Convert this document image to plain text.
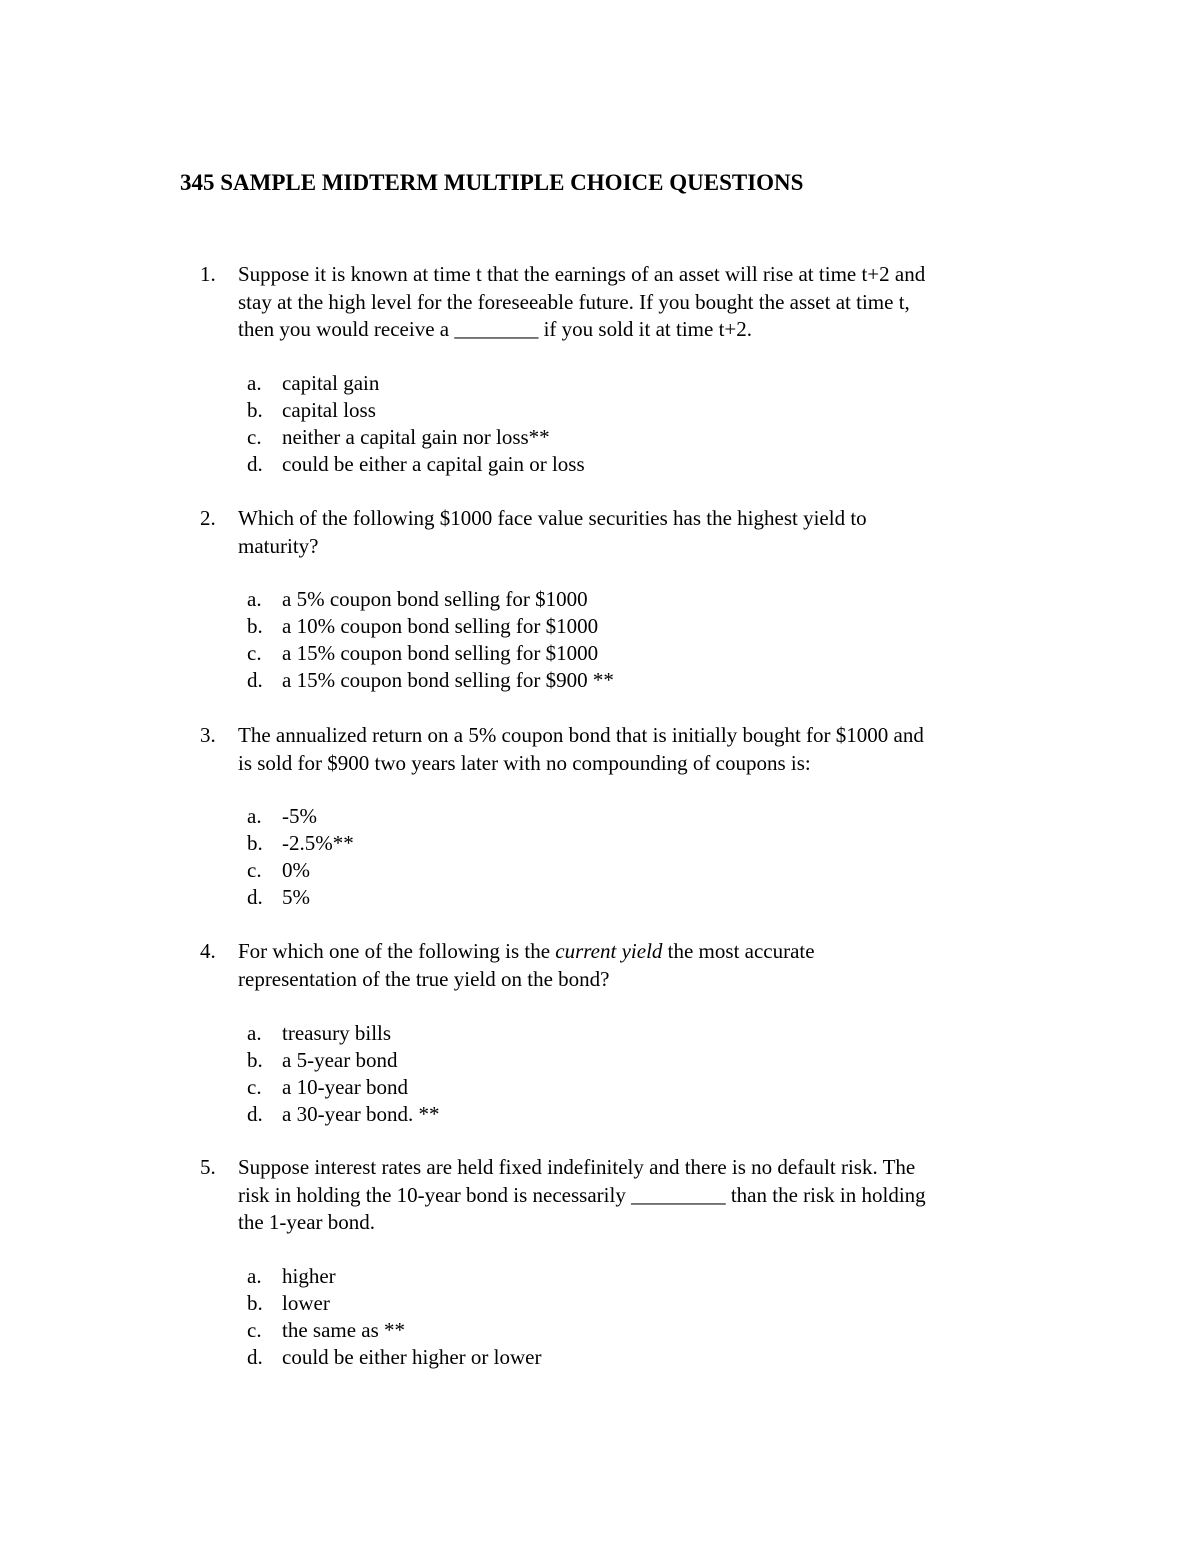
345 SAMPLE MIDTERM MULTIPLE CHOICE QUESTIONS
1. Suppose it is known at time t that the earnings of an asset will rise at time t+2 and
stay at the high level for the foreseeable future. If you bought the asset at time t,
then you would receive a ________ if you sold it at time t+2.
a. capital gain
b. capital loss
c. neither a capital gain nor loss**
d. could be either a capital gain or loss
2. Which of the following $1000 face value securities has the highest yield to
maturity?
a. a 5% coupon bond selling for $1000
b. a 10% coupon bond selling for $1000
c. a 15% coupon bond selling for $1000
d. a 15% coupon bond selling for $900 **
3. The annualized return on a 5% coupon bond that is initially bought for $1000 and
is sold for $900 two years later with no compounding of coupons is:
a. -5%
b. -2.5%**
c. 0%
d. 5%
4. For which one of the following is the current yield the most accurate
representation of the true yield on the bond?
a. treasury bills
b. a 5-year bond
c. a 10-year bond
d. a 30-year bond. **
5. Suppose interest rates are held fixed indefinitely and there is no default risk. The
risk in holding the 10-year bond is necessarily _________ than the risk in holding
the 1-year bond.
a. higher
b. lower
c. the same as **
d. could be either higher or lower
